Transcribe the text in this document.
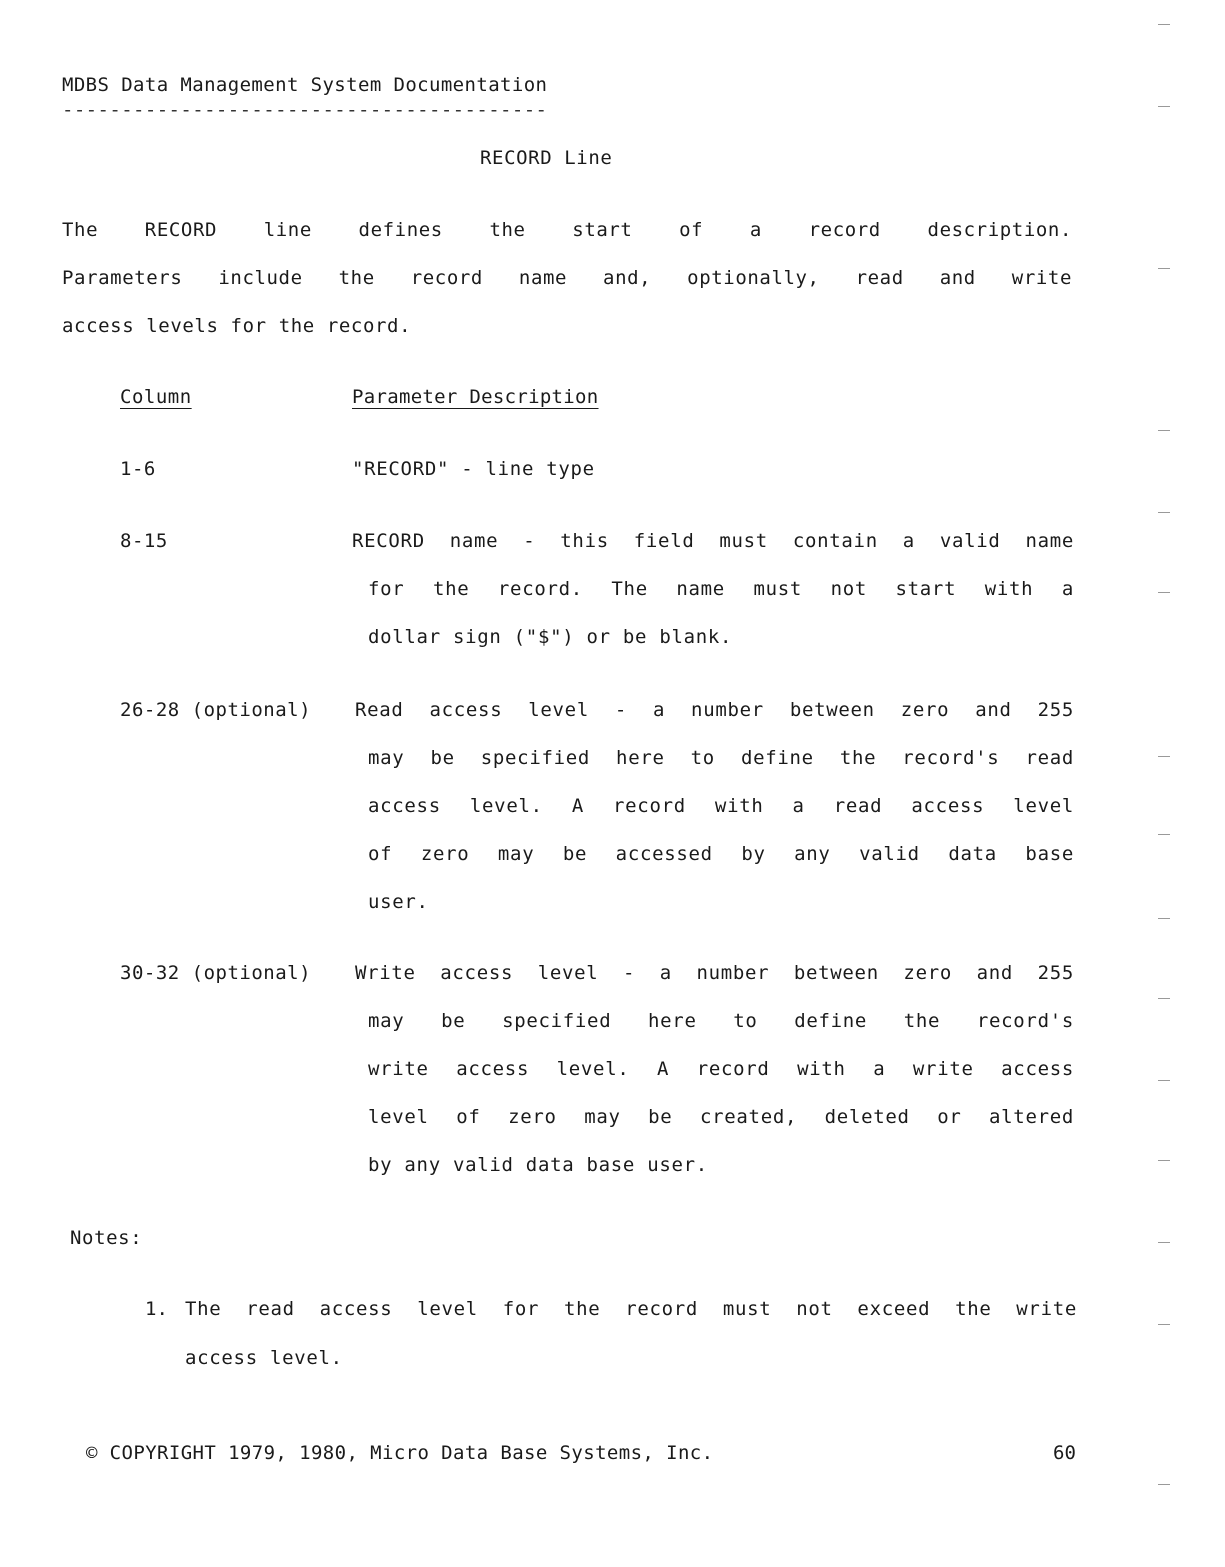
MDBS Data Management System Documentation
-----------------------------------------
RECORD Line
The RECORD line defines the start of a record description.
Parameters include the record name and, optionally, read and write
access levels for the record.
Column	Parameter Description
1-6	"RECORD" - line type
8-15	RECORD name - this field must contain a valid name
for the record. The name must not start with a
dollar sign ("$") or be blank.
26-28 (optional) Read access level - a number between zero and 255
may be specified here to define the record's read
access level. A record with a read access level
of zero may be accessed by any valid data base
user.
30-32 (optional) Write access level - a number between zero and 255
may be specified here to define the record's
write access level. A record with a write access
level of zero may be created, deleted or altered
by any valid data base user.
Notes:
1. The read access level for the record must not exceed the write
access level.
© COPYRIGHT 1979, 1980, Micro Data Base Systems, Inc.	60
